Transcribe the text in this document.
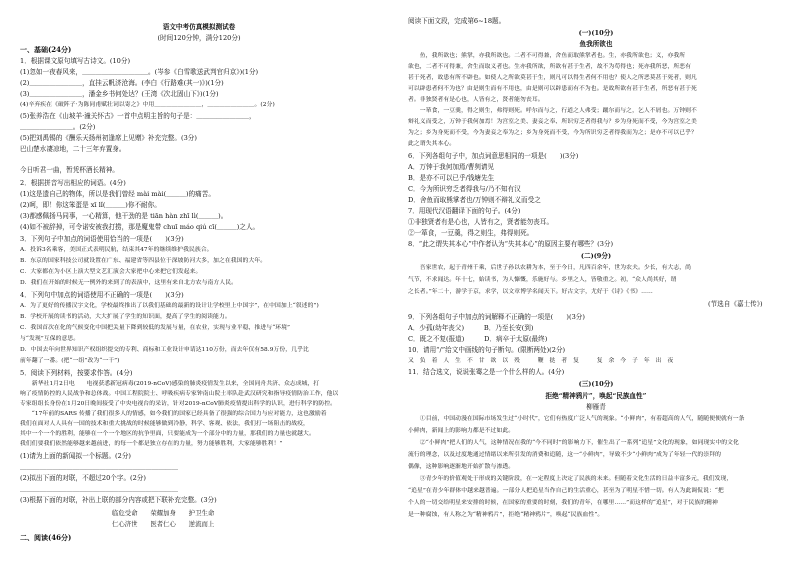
语文中考仿真模拟测试卷
(时间120分钟，满分120分)
一、基础(24分)
1．根据课文原句填写古诗文。(10分)
(1)忽如一夜春风来，＿＿＿＿＿＿＿＿＿＿。(岑参《白雪歌送武判官归京》)(1分)
(2)＿＿＿＿＿＿＿＿，直挂云帆济沧海。(李白《行路难(其一)》)(1分)
(3)＿＿＿＿＿＿＿＿，潘金乡书何处达？(王湾《次北固山下》)(1分)
(4)辛弃疾在《破阵子·为陈同甫赋壮词以寄之》中用＿＿＿＿＿＿＿＿，＿＿＿＿＿＿＿＿。(2分)
(5)张养浩在《山坡羊·潼关怀古》一首中点明主旨的句子是：＿＿＿＿＿＿＿＿，
＿＿＿＿＿＿＿＿。(2分)
(5)把刘禹锡的《酬乐天扬州初逢席上见赠》补充完整。(3分)
巴山楚水凄凉地，二十三年弃置身。
今日听君一曲，暂凭杯酒长精神。
2．根据拼音写出相应的词语。(4分)
(1)这是遗自己的物体，所以是我们曾经 mài mài(＿＿＿)的痛苦。
(2)呵，即！你这笨蛋是 xī lǐ(＿＿＿)你不耐你。
(3)都感佩扬马同事，一心精算，他干劲的是 tiān hàn zhī lì(＿＿＿)。
(4)如不被辞掉，可令诺安被我打捞，那是魔鬼带 chuī máo qiú cī(＿＿＿)之人。
3．下列句子中加点的词语使用恰当的一项是(　　)(3分)
A．投诉3名乘客，美国正式表明民航，结束其47年的继续维护我民族合。
B．东京的国家科技公司就设置在广东、福建省等四县位于深坡防河大多，加之在我国的大年。
C．大家都在为小区上演大型文艺汇演会大家把中心来把它们发起来。
D．我们在开始的时候无一例外的来到了的表演中，这里有来自北方农与南方人民。
4．下列句中加点的词语使用不正确的一项是(　　)(3分)
A．为了更好的传播汉字文化，学校最终推出了以我们基础的最新的设计让学校里上中国字”，在中国加上“叙述的”)
B．学校开展的读书的活动，大大扩展了学生的知识面，提高了学生的阅读能力。
C．我国首次在化的气候变化中国把关量下降到较低的发展与量，在农业，实现与业平稳，推进与“环境”
与“发现”互保的意思。
D．中国去年向世界知识产权组织提交的专利、商标和工业设计申请达110万份，而去年仅有58.9万份，几乎比
前年翻了一番。(把“一组”改为“一干”)
5．阅读下列材料，按要求作答。(4分)
　　新华社1月2日电　　电视获悉新冠病毒(2019-nCoV)感染的肺炎疫情发生以来，全国同舟共济、众志成城，打
响了疫情防控的人民战争和总体战。中国工程院院士、呼吸疾病专家钟南山院士率队赴武汉研究和指导疫情防治工作，他以
专家组组长身份在1月20日晚间接受了中央电视台的采访，针对2019-nCoV肺炎疫情提出科学的认识，进行科学的防控。
　　“17年前的SARS 传播了我们很多人的情感，如今我们的国家已经具备了很强的综合国力与应对能力，这也激励着
我们在面对人人具有一国的技术和重大挑战的时候能够做到冷静，科学、客观、依法，我们打一场阻击的战疫，
其中一个一个的胜利，能够在一个一个地区的抗争里面，只要能成为一个部分中的力量，那我们的力量也就越大。
我们们要我们依然能够越来越前进，的每一个都是独立存在的力量，努力能够胜利，大家能够胜利！”
(1)请为上面的新闻拟一个标题。(2分)
＿＿＿＿＿＿＿＿＿＿＿＿＿＿＿＿＿＿＿＿＿＿＿＿
(2)拟出下面的对联，不超过20个字。(2分)
＿＿＿＿＿＿＿＿＿＿＿＿＿＿＿＿＿＿＿＿＿＿＿＿
(3)根据下面的对联，补出上联的部分内容或把下联补充完整。(3分)
临危受命　　荣耀加身　　护卫生命
仁心济世　　医者仁心　　逆流而上
二、阅读(46分)
阅读下面文段，完成第6~18题。
(一)(10分)
鱼我所欲也
　　鱼，我所欲也；熊掌，亦我所欲也。二者不可得兼，舍鱼而取熊掌者也。生，亦我所欲也；义，亦我所
欲也，二者不可得兼，舍生而取义者也。生亦我所欲，所欲有甚于生者，故不为苟得也；死亦我所恶，所恶有
甚于死者，故患有所不辟也。如使人之所欲莫甚于生，则凡可以得生者何不用也？使人之所恶莫甚于死者，则凡
可以辟患者何不为也？由是则生而有不用也，由是则可以辟患而有不为也。是故所欲有甚于生者，所恶有甚于死
者。非独贤者有是心也，人皆有之，贤者能勿丧耳。
　　一箪食，一豆羹，得之则生，弗得则死。呼尔而与之，行道之人弗受；蹴尔而与之，乞人不屑也。万钟则不
辩礼义而受之，万钟于我何加焉！为宫室之美、妻妾之奉、所识穷乏者得我与？乡为身死而不受，今为宫室之美
为之；乡为身死而不受，今为妻妾之奉为之；乡为身死而不受，今为所识穷乏者得我而为之；是亦不可以已乎？
此之谓失其本心。
6．下列各组句子中，加点词意思相同的一项是(　　)(3分)
A．万钟于我何加焉/曹刿请见
B．是亦不可以已乎/钱塘先生
C．今为所识穷乏者得我与/乃不知有汉
D．舍鱼而取熊掌者也/万钟则不辩礼义而受之
7．用现代汉语翻译下面的句子。(4分)
①非独贤者有是心也，人皆有之，贤者能勿丧耳。
②一箪食，一豆羹，得之则生，弗得则死。
8．“此之谓失其本心”中作者认为“失其本心”的原因主要有哪些？(3分)
(二)(9分)
　　吾家世农，起于青州千乘，后世子孙以农耕为本，至于今日，凡四百余年，世为农夫。少长，有大志，尚
气节，不求闻达。年十七，始读书，为人慷慨，乐施好与。乡里之人，皆敬重之。初，“众人尚其好，谓
之长者。”年二十，游学于京，求学，以文章博学名闻天下。好古文字，尤好于《诗》《书》……
(节选自《嘉士传》)
9．下列各组句子中加点的词解释不正确的一项是(　　)(3分)
A．少孤(幼年丧父)　　　B．乃至长安(到)
C．既之不复(报道)　　　D．病卒于太原(最终)
10．请用“/”给文中画线的句子断句。(限断两处)(2分)
又　负　着　人　生　不　甘　欲　以　殁　　　鞭　挞　者　复　　　复　余　今　子　年　出　夜
11．结合选文，说说张骞之是一个什么样的人。(4分)
(三)(10分)
拒绝“精神鸦片”，唤起“民族血性”
柳雁青
　　①目前，中国动漫在国际市场发生过“小时代”，它们有热度广泛人气的现象。“小鲜肉”，有着超高的人气，随随便便就有一条
小鲜肉，新闻上的影响力都是不过如此。
　　②“小鲜肉”把人们的人气，这种情况在我的“今不同时”的影响力下，催生出了一系列“追星”文化的现象，如同现实中的文化
流行的理念，以及过度地通过情绪以来所引发的消费和追随，这一“小鲜肉”，导致不少“小鲜肉”成为了年轻一代的崇拜的
偶像，这种影响逐渐地开始扩散与渗透。
　　③青少年的价值观处于形成的关键阶段，在一定程度上决定了民族的未来。但随着文化生活的日益丰富多元，我们发现，
“追星”在青少年群体中越来越普遍。一部分人把追星当作自己的生活重心，甚至为了明星不惜一切。有人为此调侃说：“把
个人的一切交给明星来安排的时候，在国家的重要的时刻，我们的青年，在哪里……”而这样的“追星”，对于民族的精神
是一种腐蚀，有人称之为“精神鸦片”，拒绝“精神鸦片”，唤起“民族血性”。
